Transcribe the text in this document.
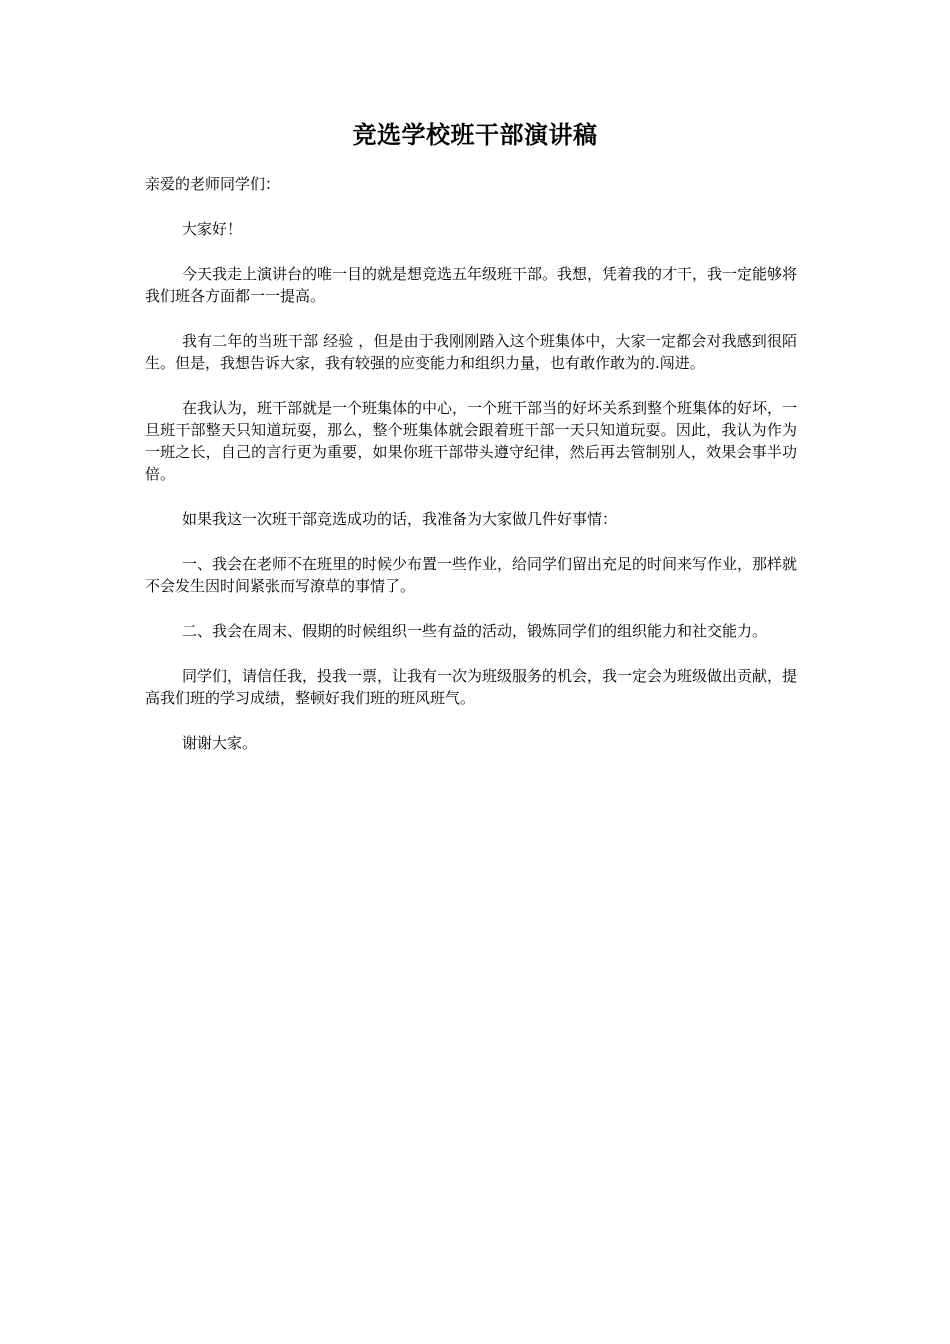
竞选学校班干部演讲稿

亲爱的老师同学们：

大家好！

今天我走上演讲台的唯一目的就是想竞选五年级班干部。我想，凭着我的才干，我一定能够将我们班各方面都一一提高。

我有二年的当班干部 经验 ，但是由于我刚刚踏入这个班集体中，大家一定都会对我感到很陌生。但是，我想告诉大家，我有较强的应变能力和组织力量，也有敢作敢为的.闯进。

在我认为，班干部就是一个班集体的中心，一个班干部当的好坏关系到整个班集体的好坏，一旦班干部整天只知道玩耍，那么，整个班集体就会跟着班干部一天只知道玩耍。因此，我认为作为一班之长，自己的言行更为重要，如果你班干部带头遵守纪律，然后再去管制别人，效果会事半功倍。

如果我这一次班干部竞选成功的话，我准备为大家做几件好事情：

一、我会在老师不在班里的时候少布置一些作业，给同学们留出充足的时间来写作业，那样就不会发生因时间紧张而写潦草的事情了。

二、我会在周末、假期的时候组织一些有益的活动，锻炼同学们的组织能力和社交能力。

同学们，请信任我，投我一票，让我有一次为班级服务的机会，我一定会为班级做出贡献，提高我们班的学习成绩，整顿好我们班的班风班气。

谢谢大家。
